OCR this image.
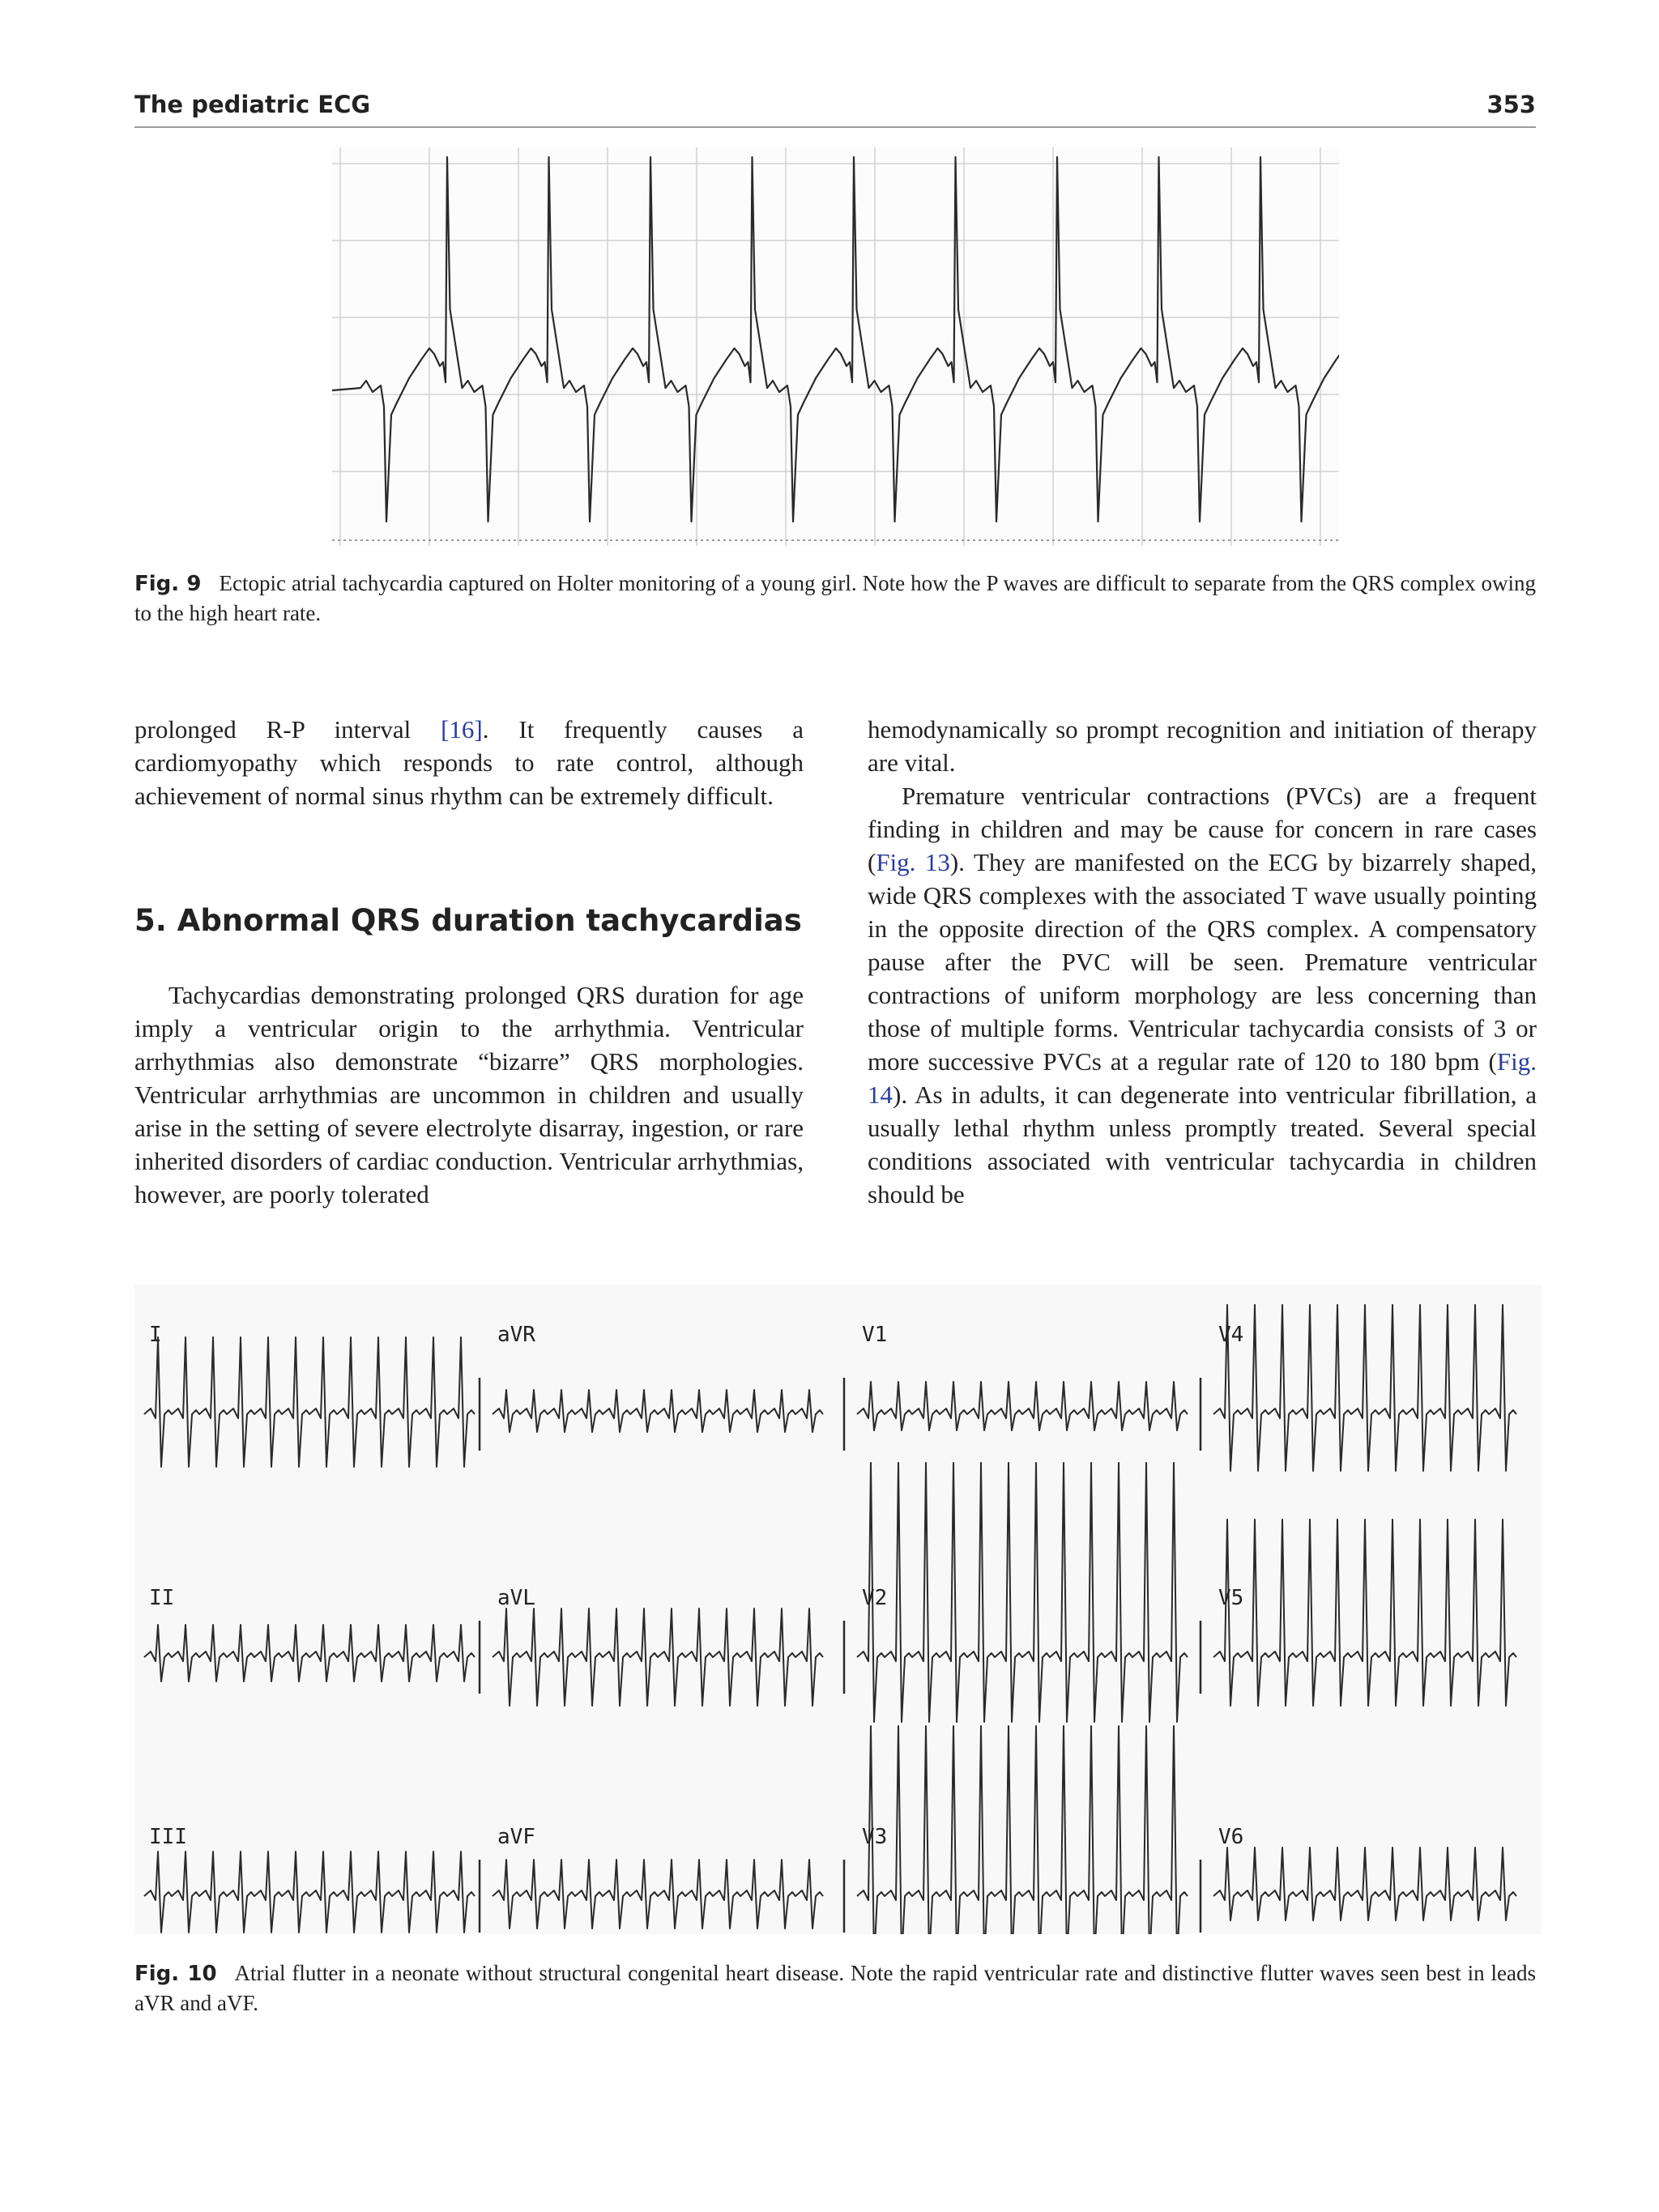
The pediatric ECG	353
Fig. 9 Ectopic atrial tachycardia captured on Holter monitoring of a young girl. Note how the P waves are difficult to separate from the QRS complex owing to the high heart rate.

prolonged R-P interval [16]. It frequently causes a cardiomyopathy which responds to rate control, although achievement of normal sinus rhythm can be extremely difficult.

5. Abnormal QRS duration tachycardias

Tachycardias demonstrating prolonged QRS duration for age imply a ventricular origin to the arrhythmia. Ventricular arrhythmias also demonstrate “bizarre” QRS morphologies. Ventricular arrhythmias are uncommon in children and usually arise in the setting of severe electrolyte disarray, ingestion, or rare inherited disorders of cardiac conduction. Ventricular arrhythmias, however, are poorly tolerated

hemodynamically so prompt recognition and initiation of therapy are vital.

Premature ventricular contractions (PVCs) are a frequent finding in children and may be cause for concern in rare cases (Fig. 13). They are manifested on the ECG by bizarrely shaped, wide QRS complexes with the associated T wave usually pointing in the opposite direction of the QRS complex. A compensatory pause after the PVC will be seen. Premature ventricular contractions of uniform morphology are less concerning than those of multiple forms. Ventricular tachycardia consists of 3 or more successive PVCs at a regular rate of 120 to 180 bpm (Fig. 14). As in adults, it can degenerate into ventricular fibrillation, a usually lethal rhythm unless promptly treated. Several special conditions associated with ventricular tachycardia in children should be

I	aVR	V1	V4
II	aVL	V2	V5
III	aVF	V3	V6
Fig. 10 Atrial flutter in a neonate without structural congenital heart disease. Note the rapid ventricular rate and distinctive flutter waves seen best in leads aVR and aVF.
